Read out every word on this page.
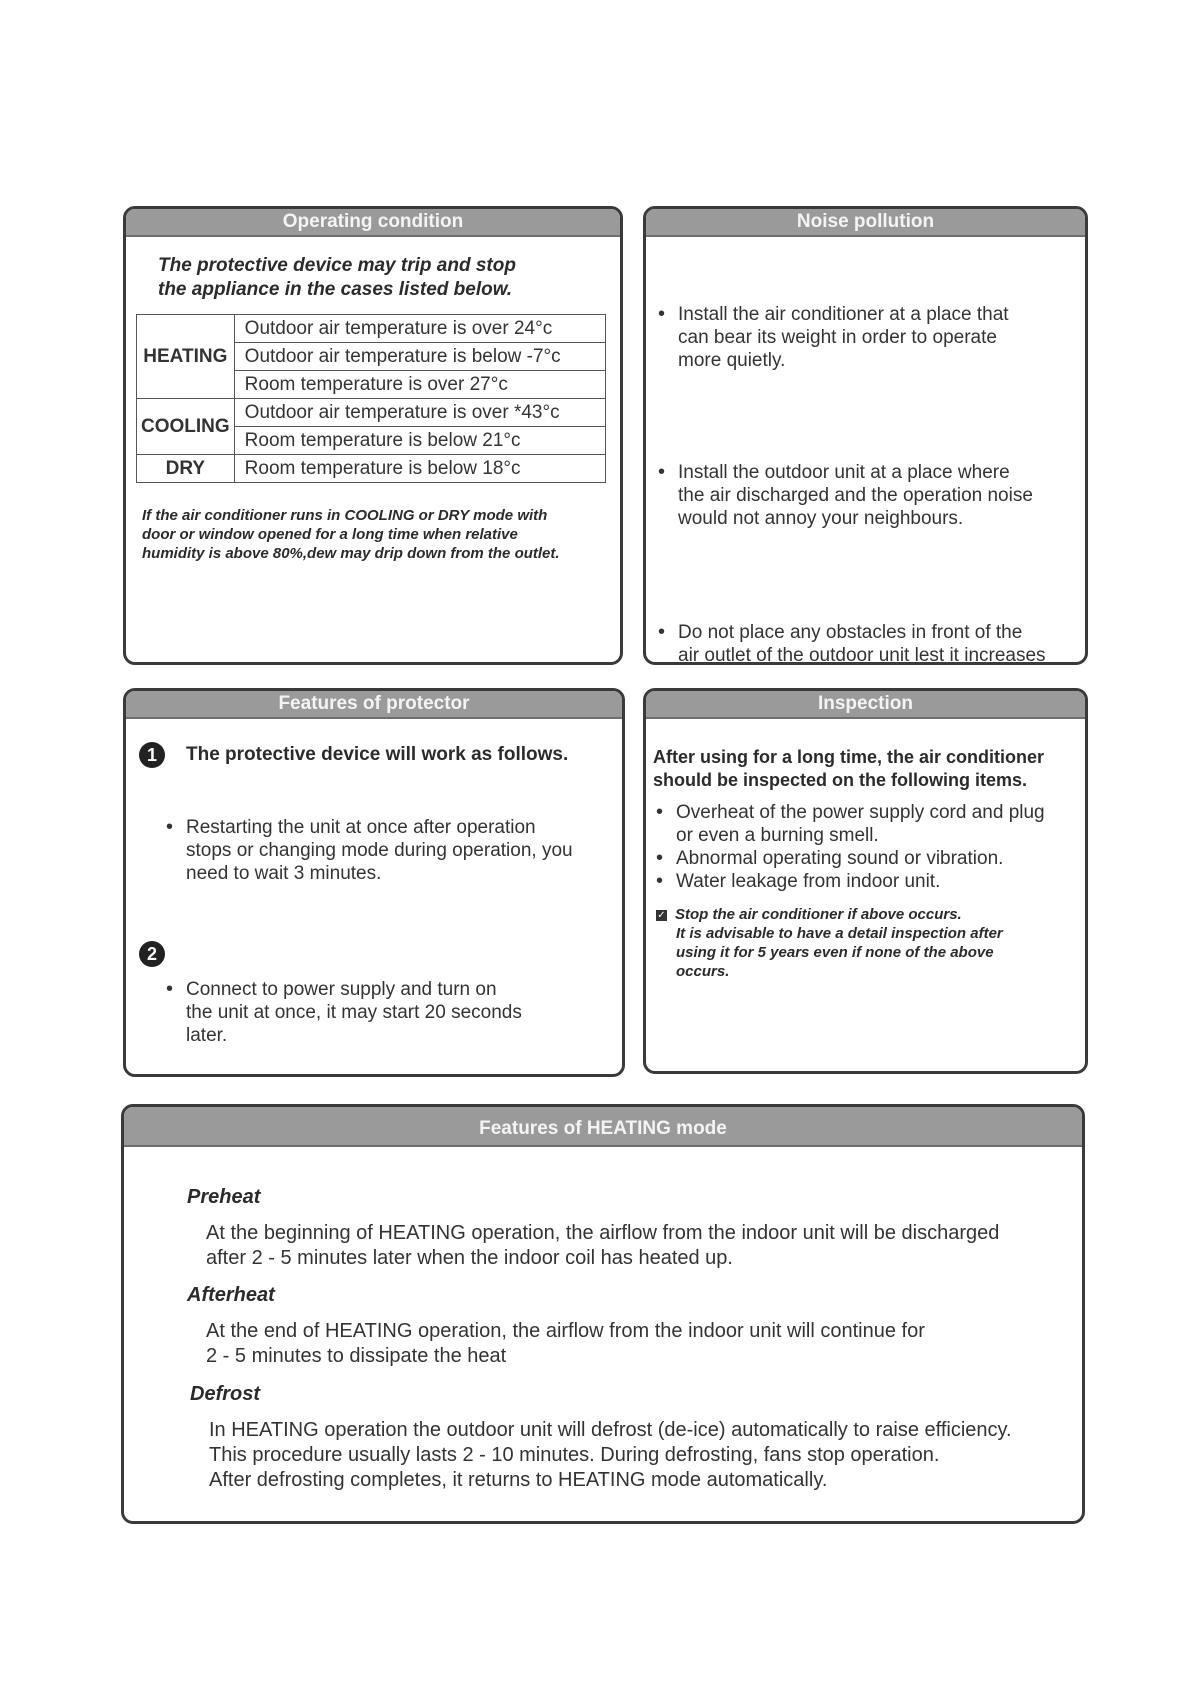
Operating condition
The protective device may trip and stop
the appliance in the cases listed below.
HEATING	Outdoor air temperature is over 24°c
	Outdoor air temperature is below -7°c
	Room temperature is over 27°c
COOLING	Outdoor air temperature is over *43°c
	Room temperature is below 21°c
DRY	Room temperature is below 18°c
If the air conditioner runs in COOLING or DRY mode with
door or window opened for a long time when relative
humidity is above 80%,dew may drip down from the outlet.
Noise pollution
• Install the air conditioner at a place that
can bear its weight in order to operate
more quietly.
• Install the outdoor unit at a place where
the air discharged and the operation noise
would not annoy your neighbours.
• Do not place any obstacles in front of the
air outlet of the outdoor unit lest it increases
Features of protector
1	The protective device will work as follows.
• Restarting the unit at once after operation
stops or changing mode during operation, you
need to wait 3 minutes.
• Connect to power supply and turn on
the unit at once, it may start 20 seconds
later.
2
Inspection
After using for a long time, the air conditioner
should be inspected on the following items.
• Overheat of the power supply cord and plug
or even a burning smell.
• Abnormal operating sound or vibration.
• Water leakage from indoor unit.
✓ Stop the air conditioner if above occurs.
It is advisable to have a detail inspection after
using it for 5 years even if none of the above
occurs.
Features of HEATING mode
Preheat
At the beginning of HEATING operation, the airflow from the indoor unit will be discharged
after 2 - 5 minutes later when the indoor coil has heated up.
Afterheat
At the end of HEATING operation, the airflow from the indoor unit will continue for
2 - 5 minutes to dissipate the heat
Defrost
In HEATING operation the outdoor unit will defrost (de-ice) automatically to raise efficiency.
This procedure usually lasts 2 - 10 minutes. During defrosting, fans stop operation.
After defrosting completes, it returns to HEATING mode automatically.
